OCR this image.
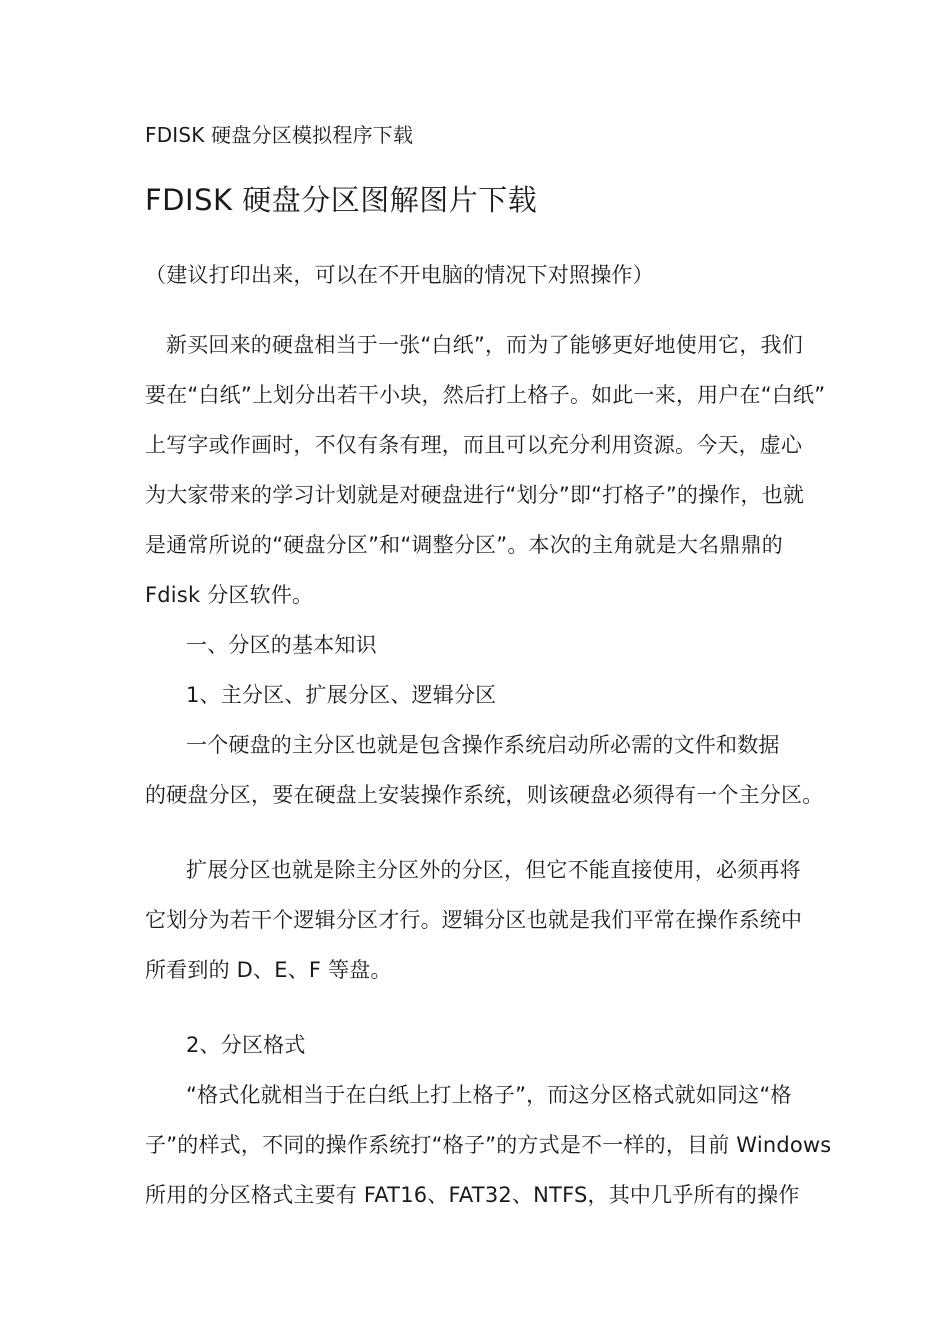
FDISK 硬盘分区模拟程序下载
FDISK 硬盘分区图解图片下载
（建议打印出来，可以在不开电脑的情况下对照操作）
新买回来的硬盘相当于一张“白纸”，而为了能够更好地使用它，我们
要在“白纸”上划分出若干小块，然后打上格子。如此一来，用户在“白纸”
上写字或作画时，不仅有条有理，而且可以充分利用资源。今天，虚心
为大家带来的学习计划就是对硬盘进行“划分”即“打格子”的操作，也就
是通常所说的“硬盘分区”和“调整分区”。本次的主角就是大名鼎鼎的
Fdisk 分区软件。
一、分区的基本知识
1、主分区、扩展分区、逻辑分区
一个硬盘的主分区也就是包含操作系统启动所必需的文件和数据
的硬盘分区，要在硬盘上安装操作系统，则该硬盘必须得有一个主分区。
扩展分区也就是除主分区外的分区，但它不能直接使用，必须再将
它划分为若干个逻辑分区才行。逻辑分区也就是我们平常在操作系统中
所看到的 D、E、F 等盘。
2、分区格式
“格式化就相当于在白纸上打上格子”，而这分区格式就如同这“格
子”的样式，不同的操作系统打“格子”的方式是不一样的，目前 Windows
所用的分区格式主要有 FAT16、FAT32、NTFS，其中几乎所有的操作
